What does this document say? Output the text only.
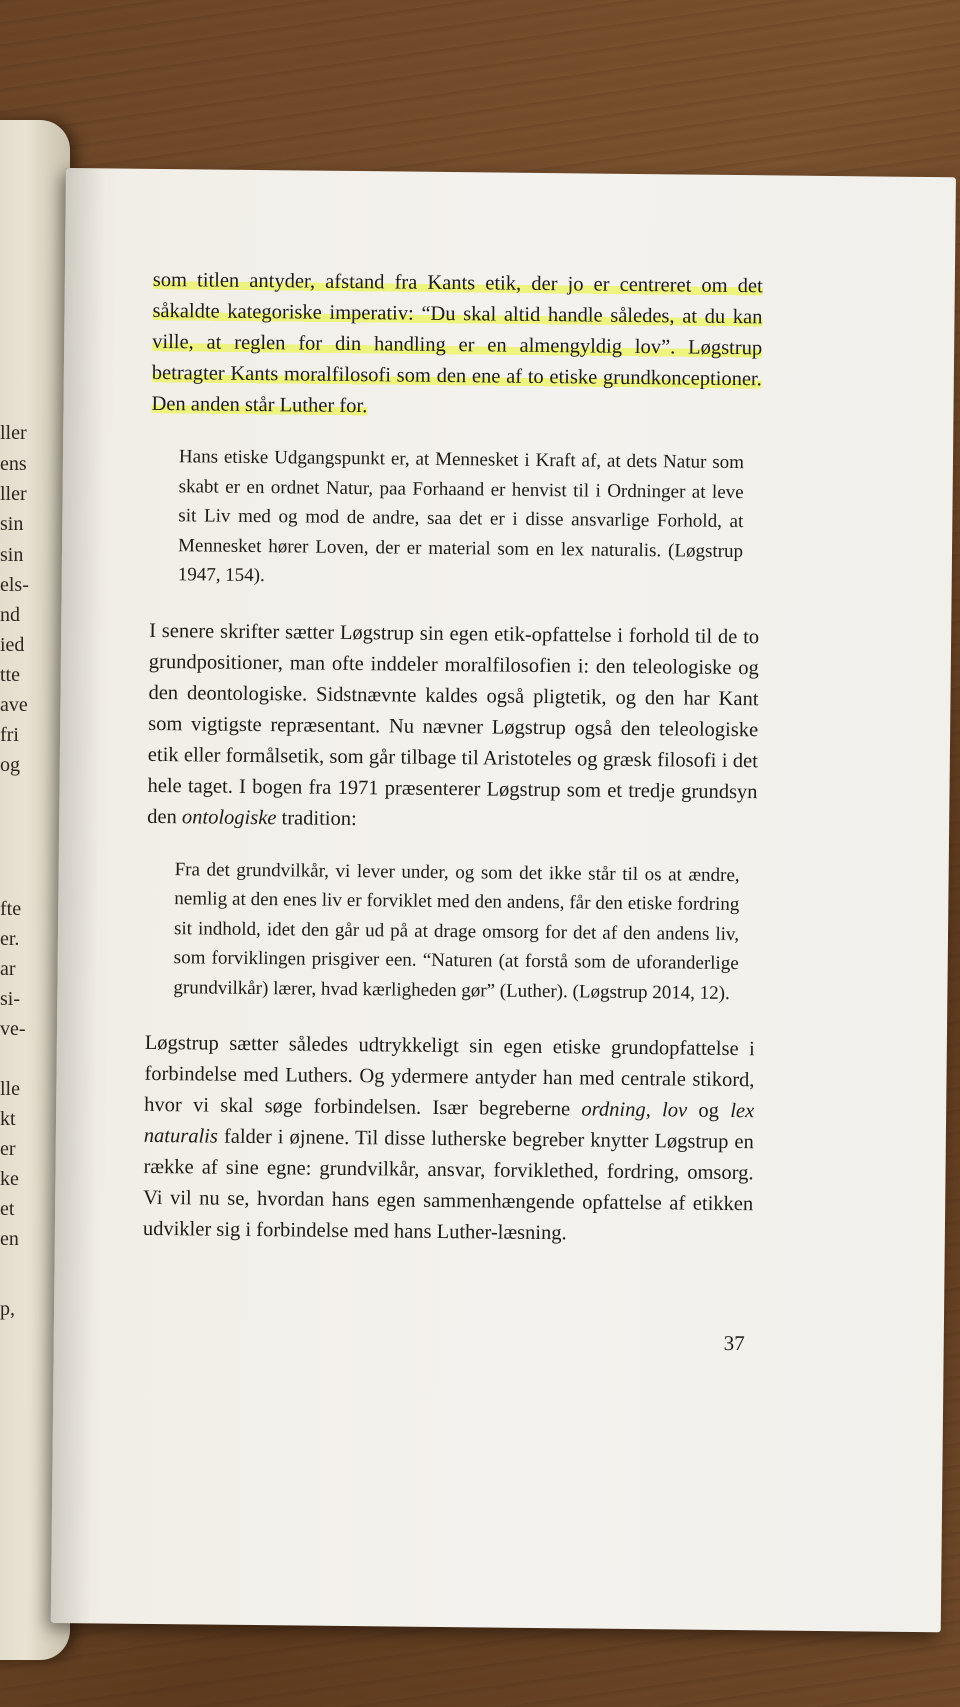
ller
ens
ller
sin
sin
els-
nd
ied
tte
ave
fri
og
fte
er.
ar
si-
ve-
lle
kt
er
ke
et
en
p,

som titlen antyder, afstand fra Kants etik, der jo er centreret om det såkaldte kategoriske imperativ: “Du skal altid handle således, at du kan ville, at reglen for din handling er en almengyldig lov”. Løgstrup betragter Kants moralfilosofi som den ene af to etiske grundkonceptioner. Den anden står Luther for.

Hans etiske Udgangspunkt er, at Mennesket i Kraft af, at dets Natur som skabt er en ordnet Natur, paa Forhaand er henvist til i Ordninger at leve sit Liv med og mod de andre, saa det er i disse ansvarlige Forhold, at Mennesket hører Loven, der er material som en lex naturalis. (Løgstrup 1947, 154).

I senere skrifter sætter Løgstrup sin egen etik-opfattelse i forhold til de to grundpositioner, man ofte inddeler moralfilosofien i: den teleologiske og den deontologiske. Sidstnævnte kaldes også pligtetik, og den har Kant som vigtigste repræsentant. Nu nævner Løgstrup også den teleologiske etik eller formålsetik, som går tilbage til Aristoteles og græsk filosofi i det hele taget. I bogen fra 1971 præsenterer Løgstrup som et tredje grundsyn den ontologiske tradition:

Fra det grundvilkår, vi lever under, og som det ikke står til os at ændre, nemlig at den enes liv er forviklet med den andens, får den etiske fordring sit indhold, idet den går ud på at drage omsorg for det af den andens liv, som forviklingen prisgiver een. “Naturen (at forstå som de uforanderlige grundvilkår) lærer, hvad kærligheden gør” (Luther). (Løgstrup 2014, 12).

Løgstrup sætter således udtrykkeligt sin egen etiske grundopfattelse i forbindelse med Luthers. Og ydermere antyder han med centrale stikord, hvor vi skal søge forbindelsen. Især begreberne ordning, lov og lex naturalis falder i øjnene. Til disse lutherske begreber knytter Løgstrup en række af sine egne: grundvilkår, ansvar, forviklethed, fordring, omsorg. Vi vil nu se, hvordan hans egen sammenhængende opfattelse af etikken udvikler sig i forbindelse med hans Luther-læsning.

37
